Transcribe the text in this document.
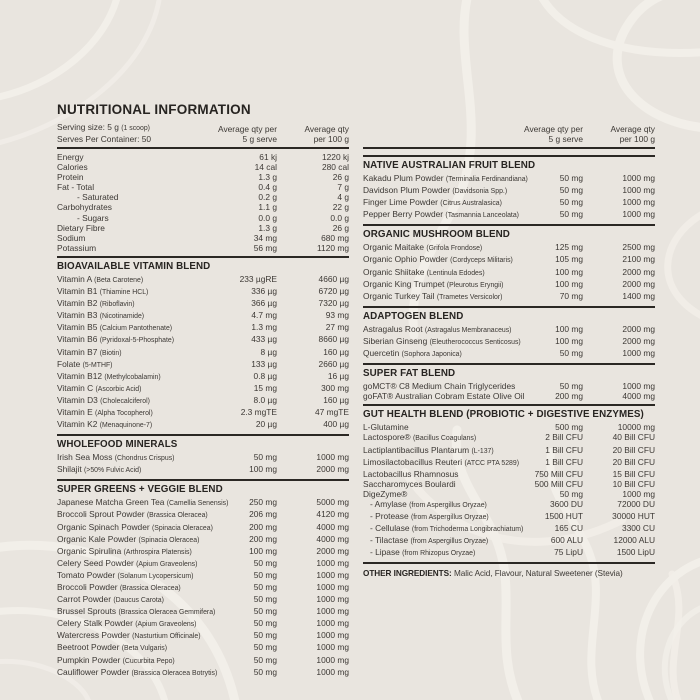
NUTRITIONAL INFORMATION
Serving size: 5 g (1 scoop)
Serves Per Container: 50
Average qty per
5 g serve
Average qty
per 100 g
Energy	61 kj	1220 kj
Calories	14 cal	280 cal
Protein	1.3 g	26 g
Fat - Total	0.4 g	7 g
- Saturated	0.2 g	4 g
Carbohydrates	1.1 g	22 g
- Sugars	0.0 g	0.0 g
Dietary Fibre	1.3 g	26 g
Sodium	34 mg	680 mg
Potassium	56 mg	1120 mg
BIOAVAILABLE VITAMIN BLEND
Vitamin A (Beta Carotene)	233 µgRE	4660 µg
Vitamin B1 (Thiamine HCL)	336 µg	6720 µg
Vitamin B2 (Riboflavin)	366 µg	7320 µg
Vitamin B3 (Nicotinamide)	4.7 mg	93 mg
Vitamin B5 (Calcium Pantothenate)	1.3 mg	27 mg
Vitamin B6 (Pyridoxal-5-Phosphate)	433 µg	8660 µg
Vitamin B7 (Biotin)	8 µg	160 µg
Folate (5-MTHF)	133 µg	2660 µg
Vitamin B12 (Methylcobalamin)	0.8 µg	16 µg
Vitamin C (Ascorbic Acid)	15 mg	300 mg
Vitamin D3 (Cholecalciferol)	8.0 µg	160 µg
Vitamin E (Alpha Tocopherol)	2.3 mgTE	47 mgTE
Vitamin K2 (Menaquinone-7)	20 µg	400 µg
WHOLEFOOD MINERALS
Irish Sea Moss (Chondrus Crispus)	50 mg	1000 mg
Shilajit (>50% Fulvic Acid)	100 mg	2000 mg
SUPER GREENS + VEGGIE BLEND
Japanese Matcha Green Tea (Camellia Senensis)	250 mg	5000 mg
Broccoli Sprout Powder (Brassica Oleracea)	206 mg	4120 mg
Organic Spinach Powder (Spinacia Oleracea)	200 mg	4000 mg
Organic Kale Powder (Spinacia Oleracea)	200 mg	4000 mg
Organic Spirulina (Arthrospira Platensis)	100 mg	2000 mg
Celery Seed Powder (Apium Graveolens)	50 mg	1000 mg
Tomato Powder (Solanum Lycopersicum)	50 mg	1000 mg
Broccoli Powder (Brassica Oleracea)	50 mg	1000 mg
Carrot Powder (Daucus Carota)	50 mg	1000 mg
Brussel Sprouts (Brassica Oleracea Gemmifera)	50 mg	1000 mg
Celery Stalk Powder (Apium Graveolens)	50 mg	1000 mg
Watercress Powder (Nasturtium Officinale)	50 mg	1000 mg
Beetroot Powder (Beta Vulgaris)	50 mg	1000 mg
Pumpkin Powder (Cucurbita Pepo)	50 mg	1000 mg
Cauliflower Powder (Brassica Oleracea Botrytis)	50 mg	1000 mg
Average qty per
5 g serve
Average qty
per 100 g
NATIVE AUSTRALIAN FRUIT BLEND
Kakadu Plum Powder (Terminalia Ferdinandiana)	50 mg	1000 mg
Davidson Plum Powder (Davidsonia Spp.)	50 mg	1000 mg
Finger Lime Powder (Citrus Australasica)	50 mg	1000 mg
Pepper Berry Powder (Tasmannia Lanceolata)	50 mg	1000 mg
ORGANIC MUSHROOM BLEND
Organic Maitake (Grifola Frondose)	125 mg	2500 mg
Organic Ophio Powder (Cordyceps Militaris)	105 mg	2100 mg
Organic Shiitake (Lentinula Edodes)	100 mg	2000 mg
Organic King Trumpet (Pleurotus Eryngii)	100 mg	2000 mg
Organic Turkey Tail (Trametes Versicolor)	70 mg	1400 mg
ADAPTOGEN BLEND
Astragalus Root (Astragalus Membranaceus)	100 mg	2000 mg
Siberian Ginseng (Eleutherococcus Senticosus)	100 mg	2000 mg
Quercetin (Sophora Japonica)	50 mg	1000 mg
SUPER FAT BLEND
goMCT® C8 Medium Chain Triglycerides	50 mg	1000 mg
goFAT® Australian Cobram Estate Olive Oil	200 mg	4000 mg
GUT HEALTH BLEND (PROBIOTIC + DIGESTIVE ENZYMES)
L-Glutamine	500 mg	10000 mg
Lactospore® (Bacillus Coagulans)	2 Bill CFU	40 Bill CFU
Lactiplantibacillus Plantarum (L-137)	1 Bill CFU	20 Bill CFU
Limosilactobacillus Reuteri (ATCC PTA 5289)	1 Bill CFU	20 Bill CFU
Lactobacillus Rhamnosus	750 Mill CFU	15 Bill CFU
Saccharomyces Boulardi	500 Mill CFU	10 Bill CFU
DigeZyme®	50 mg	1000 mg
- Amylase (from Aspergillus Oryzae)	3600 DU	72000 DU
- Protease (from Aspergillus Oryzae)	1500 HUT	30000 HUT
- Cellulase (from Trichoderma Longibrachiatum)	165 CU	3300 CU
- Tilactase (from Aspergillus Oryzae)	600 ALU	12000 ALU
- Lipase (from Rhizopus Oryzae)	75 LipU	1500 LipU
OTHER INGREDIENTS: Malic Acid, Flavour, Natural Sweetener (Stevia)
